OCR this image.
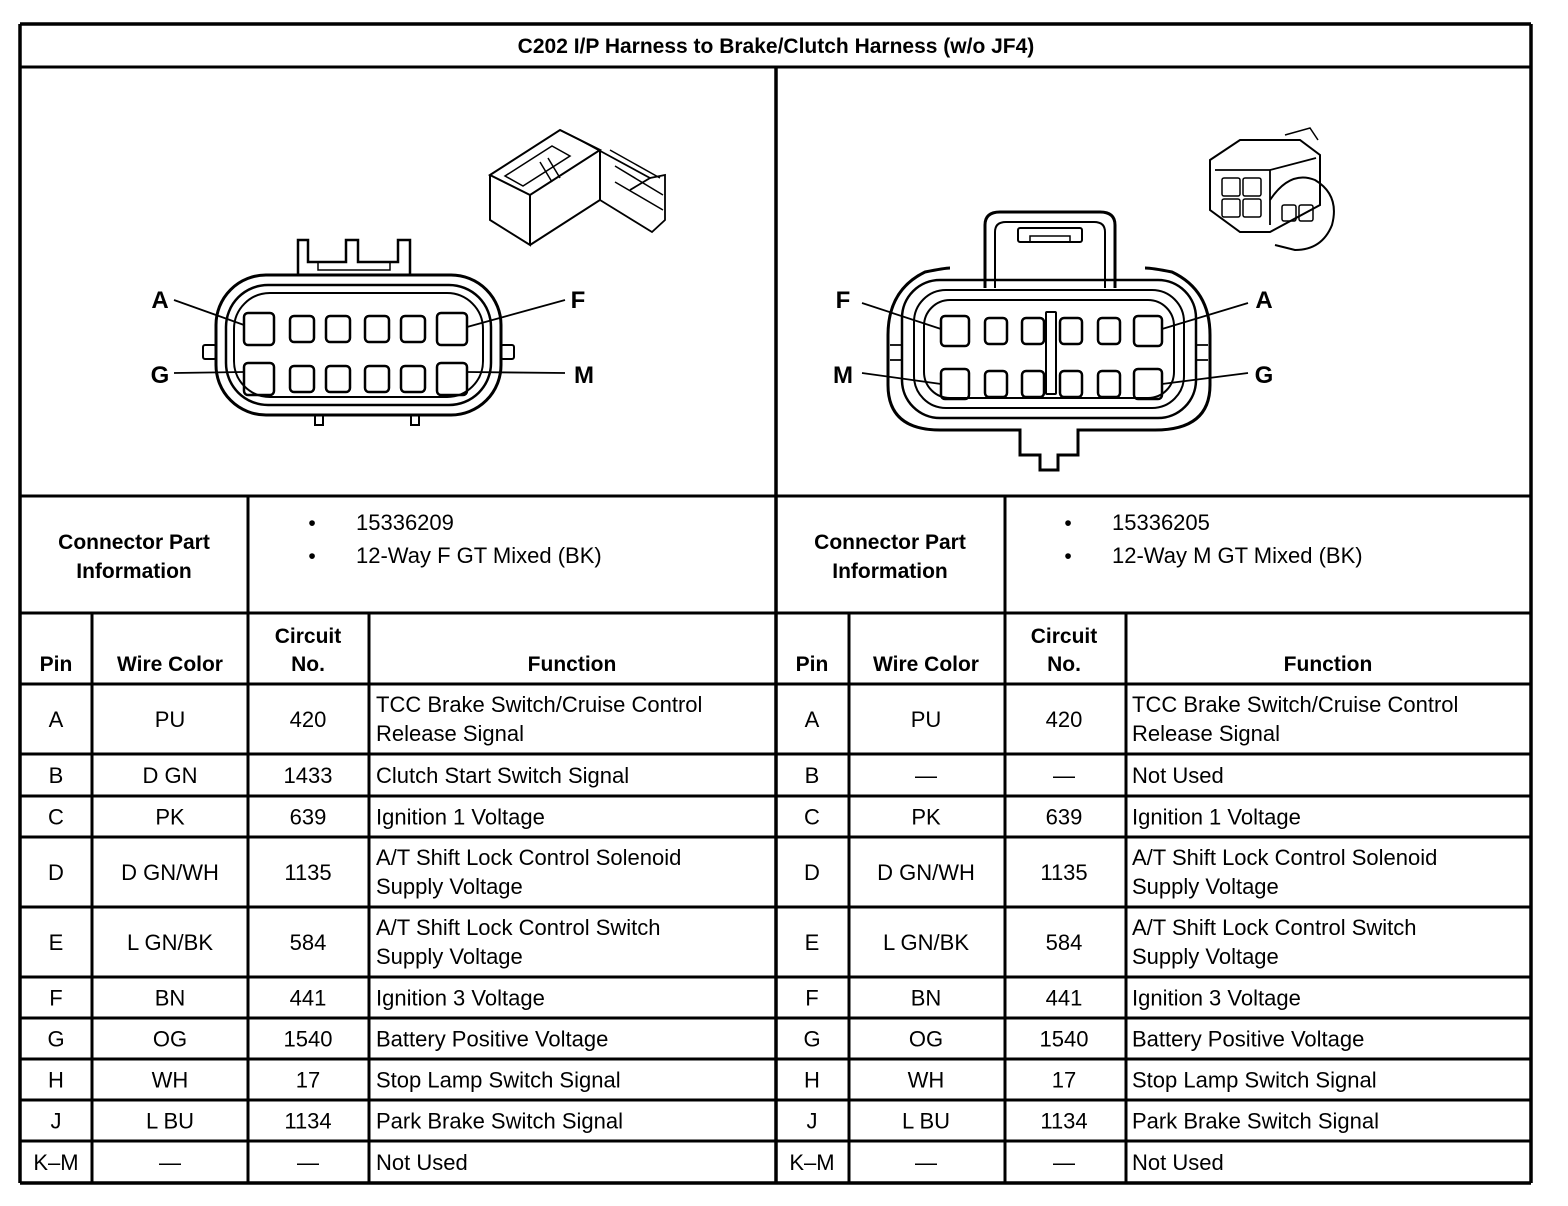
C202 I/P Harness to Brake/Clutch Harness (w/o JF4)
Connector Part
Information
•
•
15336209
12-Way F GT Mixed (BK)
Pin Wire Color
Circuit
No.	Function
A	PU	420
TCC Brake Switch/Cruise Control
Release Signal
B	D GN	1433 Clutch Start Switch Signal
C	PK	639 Ignition 1 Voltage
D	D GN/WH	1135
A/T Shift Lock Control Solenoid
Supply Voltage
E	L GN/BK	584
A/T Shift Lock Control Switch
Supply Voltage
F	BN	441 Ignition 3 Voltage
G	OG	1540 Battery Positive Voltage
H	WH	17	Stop Lamp Switch Signal
J	L BU	1134 Park Brake Switch Signal
K–M	—	—	Not Used
A
G
F
M
Connector Part
Information
•
•
15336205
12-Way M GT Mixed (BK)
Pin Wire Color
Circuit
No.	Function
A	PU	420
TCC Brake Switch/Cruise Control
Release Signal
B	—	—	Not Used
C	PK	639 Ignition 1 Voltage
D	D GN/WH	1135
A/T Shift Lock Control Solenoid
Supply Voltage
E	L GN/BK	584
A/T Shift Lock Control Switch
Supply Voltage
F	BN	441 Ignition 3 Voltage
G	OG	1540 Battery Positive Voltage
H	WH	17	Stop Lamp Switch Signal
J	L BU	1134 Park Brake Switch Signal
K–M	—	—	Not Used
F
M
A
G
